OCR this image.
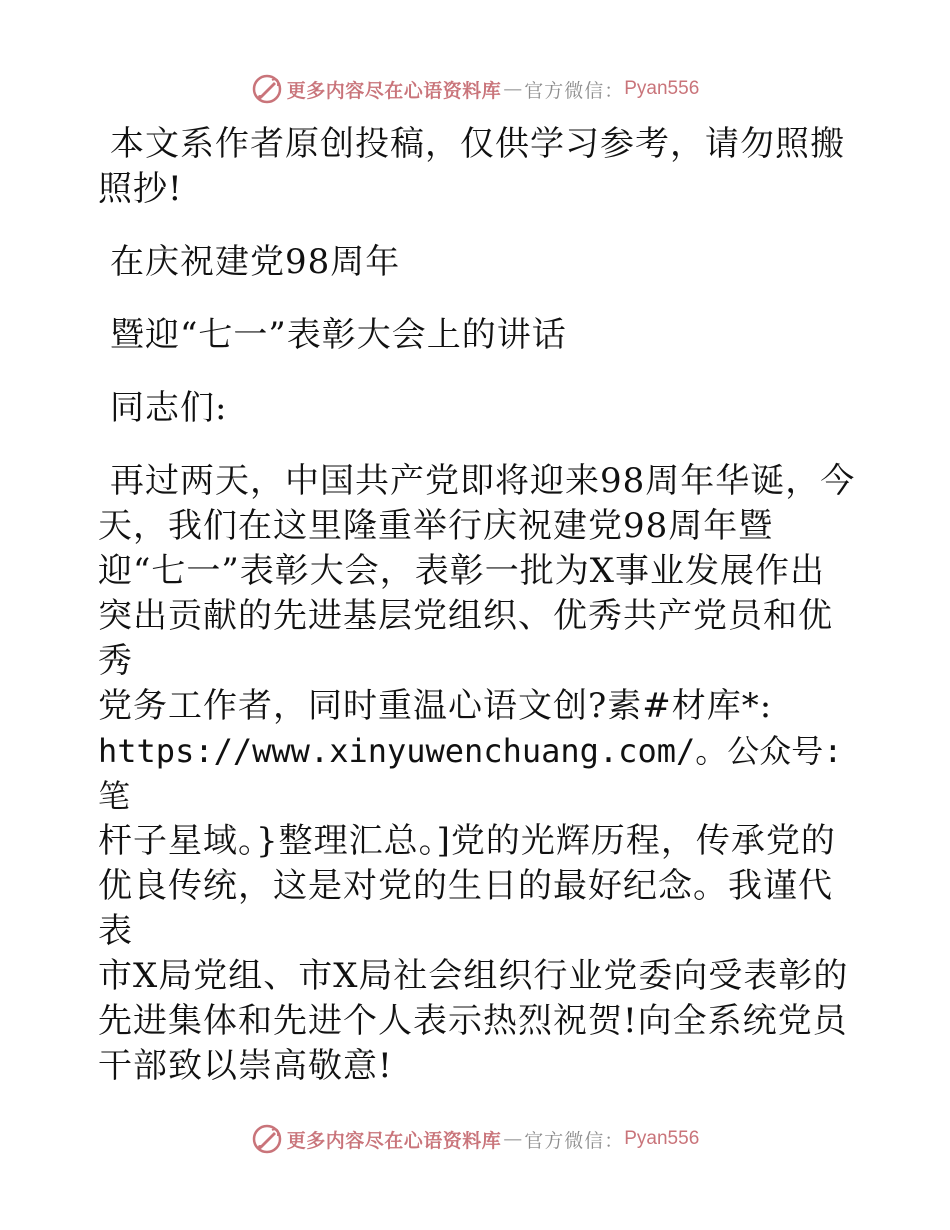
更多内容尽在心语资料库 — 官方微信： Pyan556

本文系作者原创投稿，仅供学习参考，请勿照搬

照抄!

在庆祝建党98周年

暨迎“七一”表彰大会上的讲话

同志们:

再过两天，中国共产党即将迎来98周年华诞，今

天，我们在这里隆重举行庆祝建党98周年暨

迎“七一”表彰大会，表彰一批为X事业发展作出

突出贡献的先进基层党组织、优秀共产党员和优秀

党务工作者，同时重温心语文创?素#材库*:

https://www.xinyuwenchuang.com/。公众号: 笔

杆子星域。}整理汇总。]党的光辉历程，传承党的

优良传统，这是对党的生日的最好纪念。我谨代表

市X局党组、市X局社会组织行业党委向受表彰的

先进集体和先进个人表示热烈祝贺!向全系统党员

干部致以崇高敬意!

更多内容尽在心语资料库 — 官方微信： Pyan556
